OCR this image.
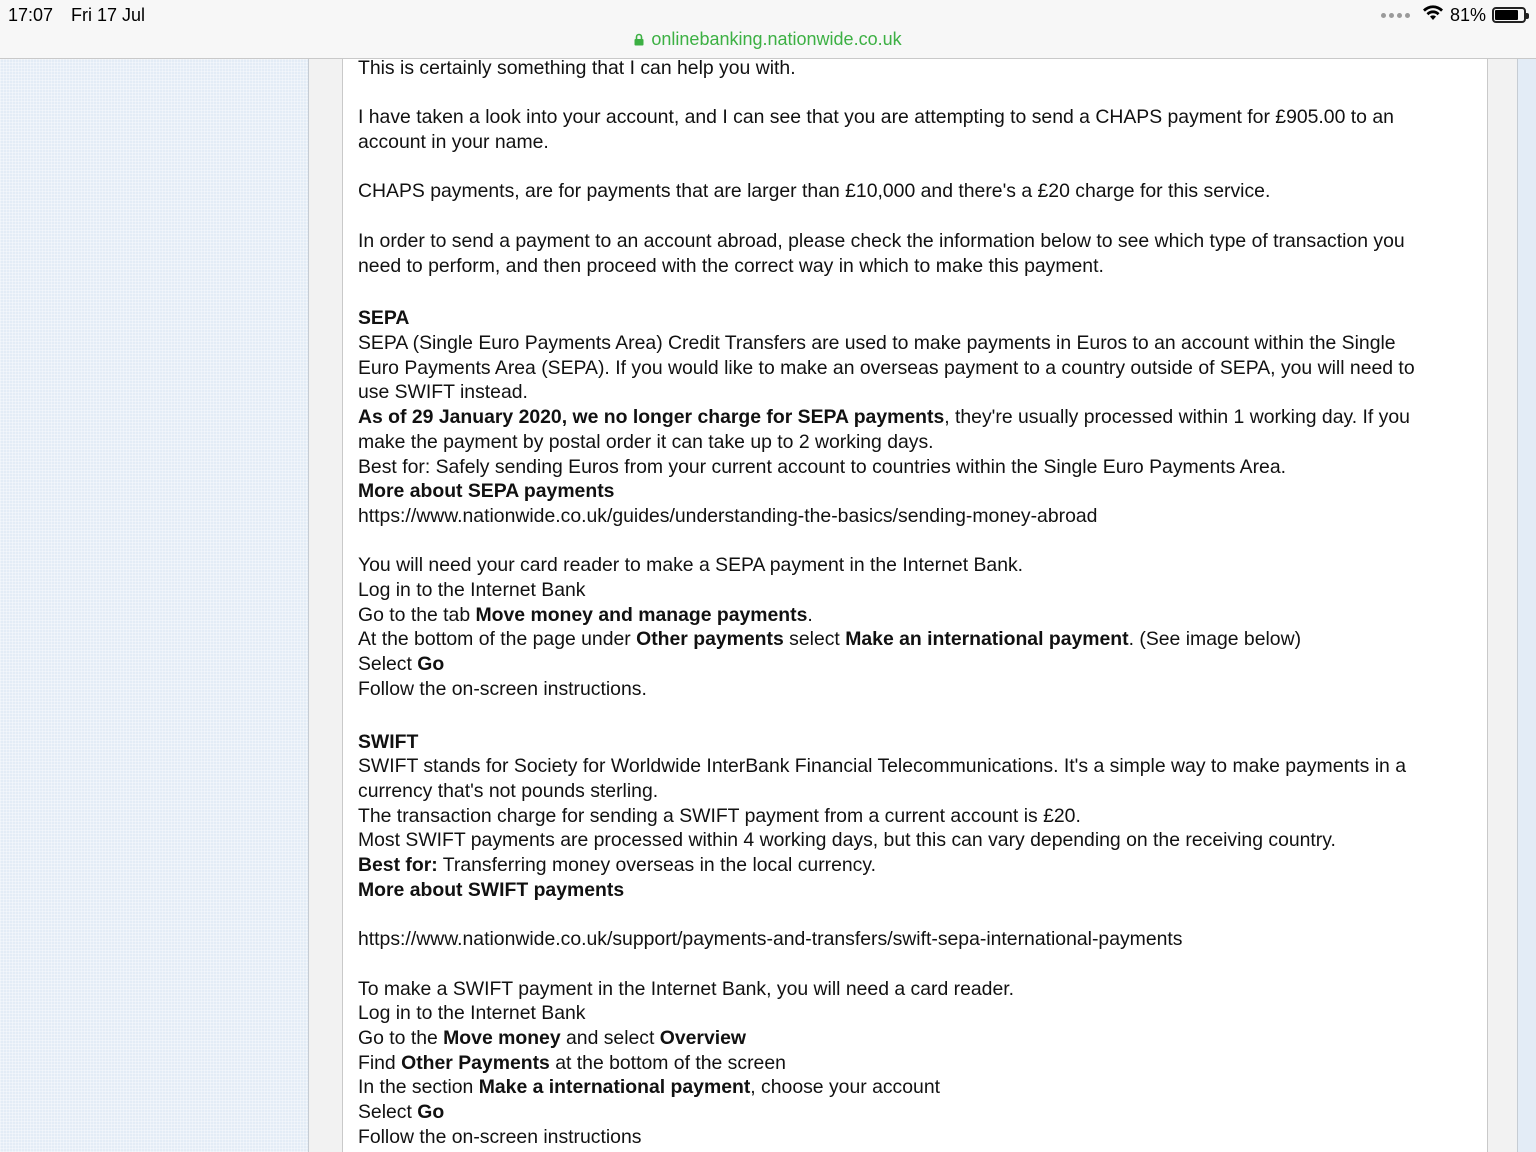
17:07 Fri 17 Jul	81%
onlinebanking.nationwide.co.uk

This is certainly something that I can help you with.

I have taken a look into your account, and I can see that you are attempting to send a CHAPS payment for £905.00 to an
account in your name.

CHAPS payments, are for payments that are larger than £10,000 and there's a £20 charge for this service.

In order to send a payment to an account abroad, please check the information below to see which type of transaction you
need to perform, and then proceed with the correct way in which to make this payment.

SEPA

SEPA (Single Euro Payments Area) Credit Transfers are used to make payments in Euros to an account within the Single
Euro Payments Area (SEPA). If you would like to make an overseas payment to a country outside of SEPA, you will need to
use SWIFT instead.

As of 29 January 2020, we no longer charge for SEPA payments, they're usually processed within 1 working day. If you
make the payment by postal order it can take up to 2 working days.

Best for: Safely sending Euros from your current account to countries within the Single Euro Payments Area.

More about SEPA payments

https://www.nationwide.co.uk/guides/understanding-the-basics/sending-money-abroad

You will need your card reader to make a SEPA payment in the Internet Bank.

Log in to the Internet Bank

Go to the tab Move money and manage payments.

At the bottom of the page under Other payments select Make an international payment. (See image below)

Select Go

Follow the on-screen instructions.

SWIFT

SWIFT stands for Society for Worldwide InterBank Financial Telecommunications. It's a simple way to make payments in a
currency that's not pounds sterling.

The transaction charge for sending a SWIFT payment from a current account is £20.

Most SWIFT payments are processed within 4 working days, but this can vary depending on the receiving country.

Best for: Transferring money overseas in the local currency.

More about SWIFT payments

https://www.nationwide.co.uk/support/payments-and-transfers/swift-sepa-international-payments

To make a SWIFT payment in the Internet Bank, you will need a card reader.

Log in to the Internet Bank

Go to the Move money and select Overview

Find Other Payments at the bottom of the screen

In the section Make a international payment, choose your account

Select Go

Follow the on-screen instructions
